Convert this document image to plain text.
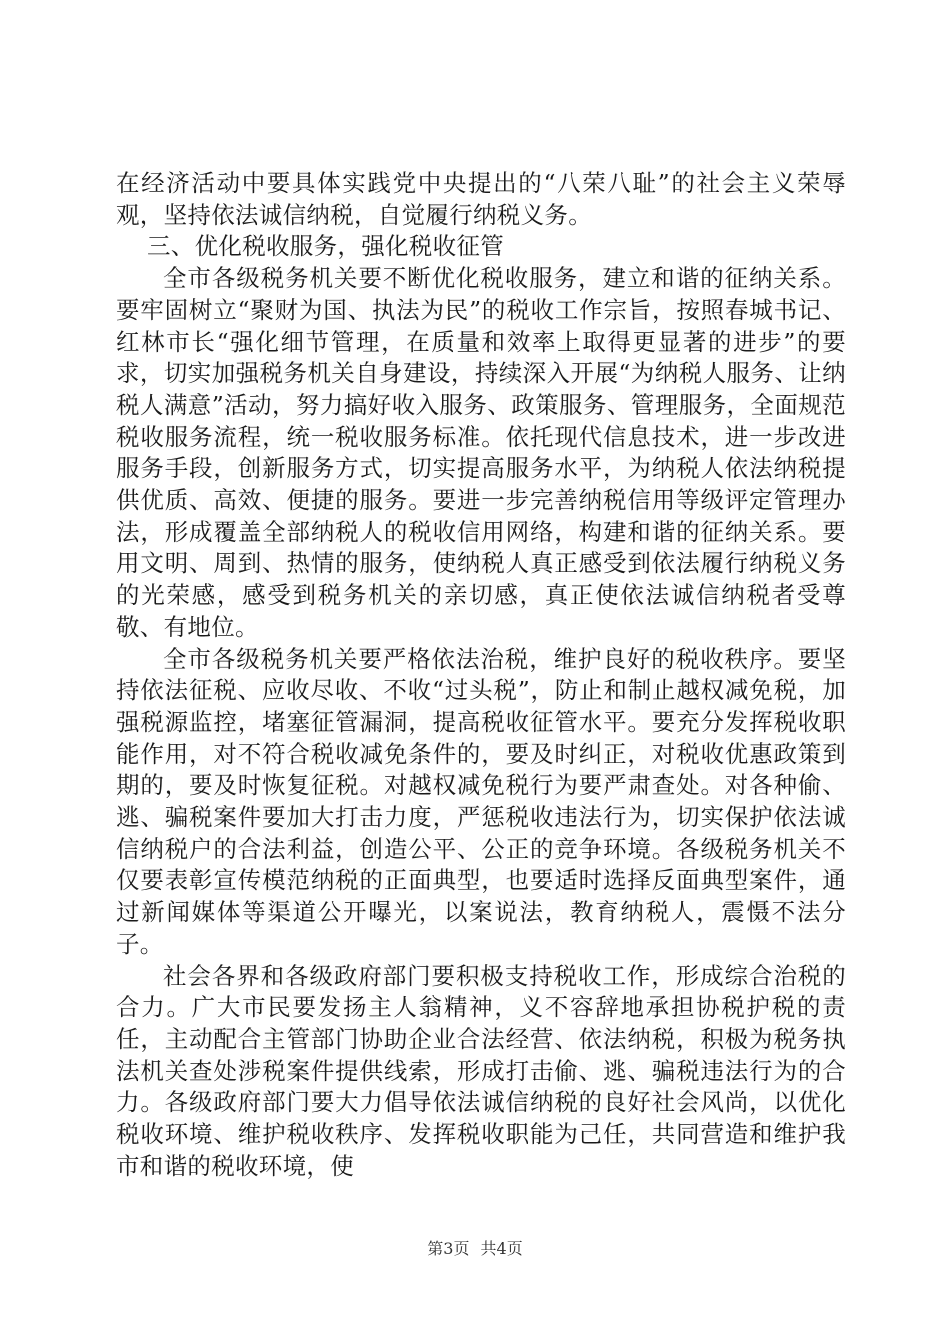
在经济活动中要具体实践党中央提出的“八荣八耻”的社会主义荣辱观，坚持依法诚信纳税，自觉履行纳税义务。

三、优化税收服务，强化税收征管

全市各级税务机关要不断优化税收服务，建立和谐的征纳关系。要牢固树立“聚财为国、执法为民”的税收工作宗旨，按照春城书记、红林市长“强化细节管理，在质量和效率上取得更显著的进步”的要求，切实加强税务机关自身建设，持续深入开展“为纳税人服务、让纳税人满意”活动，努力搞好收入服务、政策服务、管理服务，全面规范税收服务流程，统一税收服务标准。依托现代信息技术，进一步改进服务手段，创新服务方式，切实提高服务水平，为纳税人依法纳税提供优质、高效、便捷的服务。要进一步完善纳税信用等级评定管理办法，形成覆盖全部纳税人的税收信用网络，构建和谐的征纳关系。要用文明、周到、热情的服务，使纳税人真正感受到依法履行纳税义务的光荣感，感受到税务机关的亲切感，真正使依法诚信纳税者受尊敬、有地位。

全市各级税务机关要严格依法治税，维护良好的税收秩序。要坚持依法征税、应收尽收、不收“过头税”，防止和制止越权减免税，加强税源监控，堵塞征管漏洞，提高税收征管水平。要充分发挥税收职能作用，对不符合税收减免条件的，要及时纠正，对税收优惠政策到期的，要及时恢复征税。对越权减免税行为要严肃查处。对各种偷、逃、骗税案件要加大打击力度，严惩税收违法行为，切实保护依法诚信纳税户的合法利益，创造公平、公正的竞争环境。各级税务机关不仅要表彰宣传模范纳税的正面典型，也要适时选择反面典型案件，通过新闻媒体等渠道公开曝光，以案说法，教育纳税人，震慑不法分子。

社会各界和各级政府部门要积极支持税收工作，形成综合治税的合力。广大市民要发扬主人翁精神，义不容辞地承担协税护税的责任，主动配合主管部门协助企业合法经营、依法纳税，积极为税务执法机关查处涉税案件提供线索，形成打击偷、逃、骗税违法行为的合力。各级政府部门要大力倡导依法诚信纳税的良好社会风尚，以优化税收环境、维护税收秩序、发挥税收职能为己任，共同营造和维护我市和谐的税收环境，使

第3页 共4页
